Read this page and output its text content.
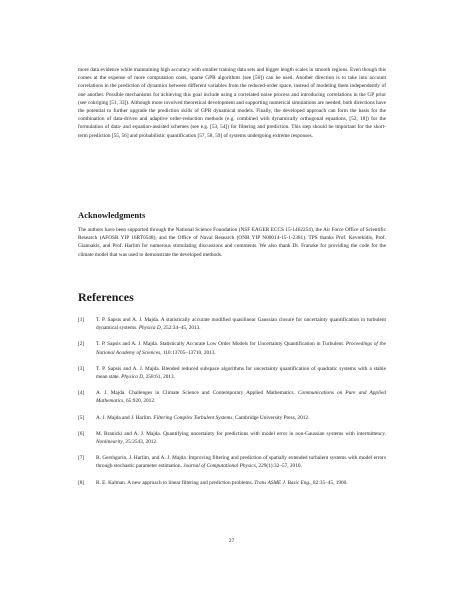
more data evidence while maintaining high accuracy with smaller training data sets and bigger length scales in smooth regions. Even though this comes at the expense of more computation costs, sparse GPR algorithms (see [50]) can be used. Another direction is to take into account correlations in the prediction of dynamics between different variables from the reduced-order space, instead of modeling them independently of one another. Possible mechanisms for achieving this goal include using a correlated noise process and introducing correlations in the GP prior (see cokriging [51, 33]). Although more involved theoretical development and supporting numerical simulations are needed, both directions have the potential to further upgrade the prediction skills of GPR dynamical models. Finally, the developed approach can form the basis for the combination of data-driven and adaptive order-reduction methods (e.g. combined with dynamically orthogonal equations, [52, 18]) for the formulation of data- and equation-assisted schemes (see e.g. [53, 54]) for filtering and prediction. This step should be important for the short-term prediction [55, 56] and probabilistic quantification [57, 58, 59] of systems undergoing extreme responses.

Acknowledgments

The authors have been supported through the National Science Foundation (NSF EAGER ECCS 15-1462254), the Air Force Office of Scientific Research (AFOSR YIP 16RT0548), and the Office of Naval Research (ONR YIP N00014-15-1-2381). TPS thanks Prof. Kevrekidis, Prof. Giannakis, and Prof. Harlim for numerous stimulating discussions and comments. We also thank Dr. Franzke for providing the code for the climate model that was used to demonstrate the developed methods.

References
[1] T. P. Sapsis and A. J. Majda. A statistically accurate modified quasilinear Gaussian closure for uncertainty quantification in turbulent dynamical systems. Physica D, 252:34–45, 2013.
[2] T. P. Sapsis and A. J. Majda. Statistically Accurate Low Order Models for Uncertainty Quantification in Turbulent. Proceedings of the National Academy of Sciences, 110:13705–13710, 2013.
[3] T. P. Sapsis and A. J. Majda. Blended reduced subspace algorithms for uncertainty quantification of quadratic systems with a stable mean state. Physica D, 258:61, 2013.
[4] A. J. Majda. Challenges in Climate Science and Contemporary Applied Mathematics. Communications on Pure and Applied Mathematics, 65:920, 2012.
[5] A. J. Majda and J. Harlim. Filtering Complex Turbulent Systems. Cambridge University Press, 2012.
[6] M. Branicki and A. J. Majda. Quantifying uncertainty for predictions with model error in non-Gaussian systems with intermittency. Nonlinearity, 25:2543, 2012.
[7] B. Gershgorin, J. Harlim, and A. J. Majda. Improving filtering and prediction of spatially extended turbulent systems with model errors through stochastic parameter estimation. Journal of Computational Physics, 229(1):32–57, 2010.
[8] R. E. Kalman. A new approach to linear filtering and prediction problems. Trans ASME J. Basic Eng., 82:35–45, 1960.
27
